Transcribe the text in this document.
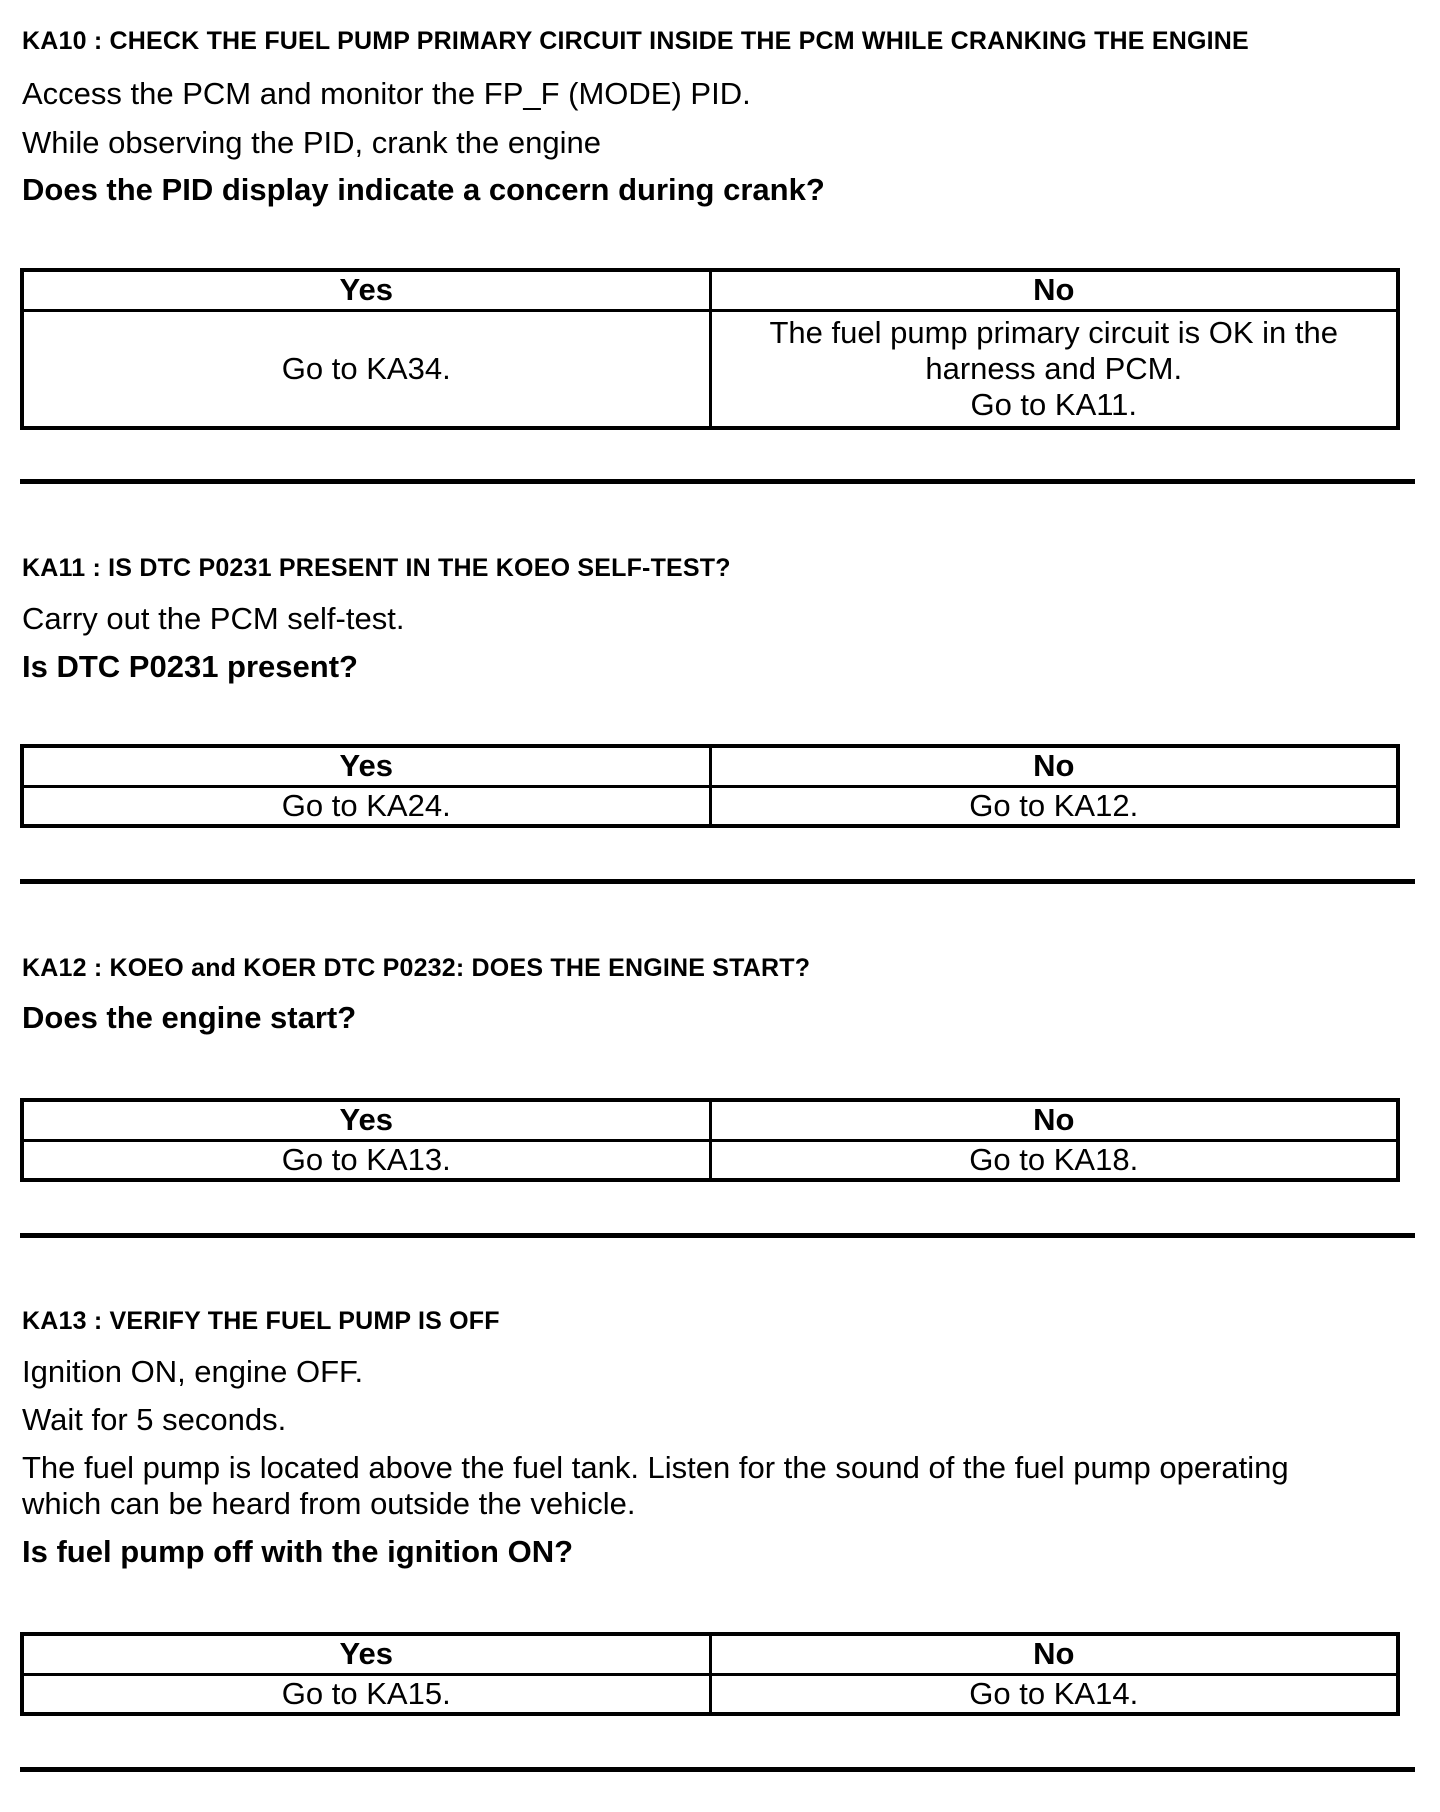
KA10 : CHECK THE FUEL PUMP PRIMARY CIRCUIT INSIDE THE PCM WHILE CRANKING THE ENGINE

Access the PCM and monitor the FP_F (MODE) PID.

While observing the PID, crank the engine

Does the PID display indicate a concern during crank?

Yes	No
Go to KA34.	The fuel pump primary circuit is OK in the
harness and PCM.
Go to KA11.

KA11 : IS DTC P0231 PRESENT IN THE KOEO SELF-TEST?

Carry out the PCM self-test.

Is DTC P0231 present?

Yes	No
Go to KA24.	Go to KA12.

KA12 : KOEO and KOER DTC P0232: DOES THE ENGINE START?

Does the engine start?

Yes	No
Go to KA13.	Go to KA18.

KA13 : VERIFY THE FUEL PUMP IS OFF

Ignition ON, engine OFF.

Wait for 5 seconds.

The fuel pump is located above the fuel tank. Listen for the sound of the fuel pump operating

which can be heard from outside the vehicle.

Is fuel pump off with the ignition ON?

Yes	No
Go to KA15.	Go to KA14.
